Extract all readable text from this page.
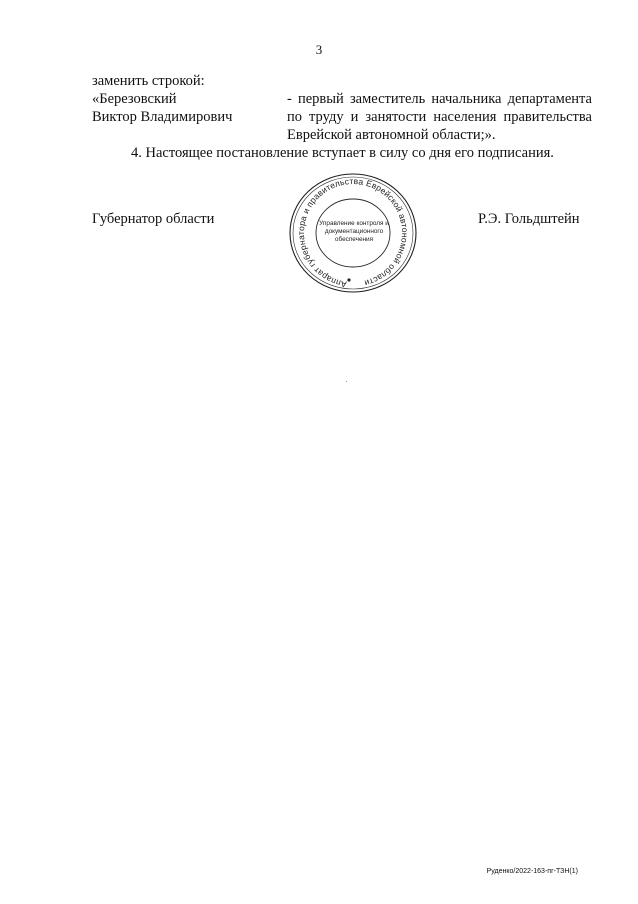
3
заменить строкой:
«Березовский
Виктор Владимирович
- первый заместитель начальника департамента
по труду и занятости населения правительства
Еврейской автономной области;».
4. Настоящее постановление вступает в силу со дня его подписания.
Губернатор области	Р.Э. Гольдштейн
Аппарат губернатора и правительства Еврейской автономной области
Управление контроля и
документационного
обеспечения
Руденко/2022-163-пг-ТЗН(1)
